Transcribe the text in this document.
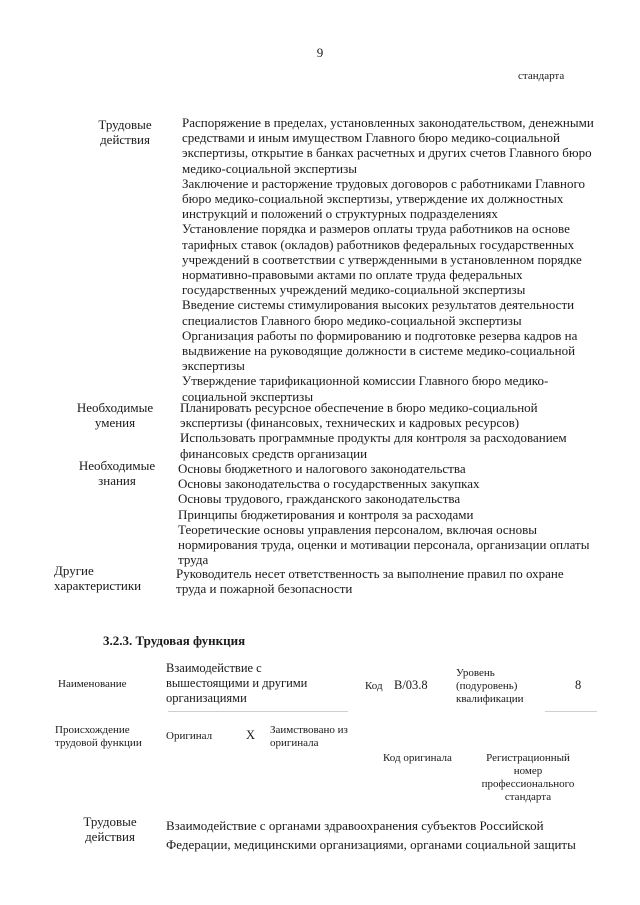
9
стандарта
Трудовые действия
Распоряжение в пределах, установленных законодательством, денежными средствами и иным имуществом Главного бюро медико-социальной экспертизы, открытие в банках расчетных и других счетов Главного бюро медико-социальной экспертизы
Заключение и расторжение трудовых договоров с работниками Главного бюро медико-социальной экспертизы, утверждение их должностных инструкций и положений о структурных подразделениях
Установление порядка и размеров оплаты труда работников на основе тарифных ставок (окладов) работников федеральных государственных учреждений в соответствии с утвержденными в установленном порядке нормативно-правовыми актами по оплате труда федеральных государственных учреждений медико-социальной экспертизы
Введение системы стимулирования высоких результатов деятельности специалистов Главного бюро медико-социальной экспертизы
Организация работы по формированию и подготовке резерва кадров на выдвижение на руководящие должности в системе медико-социальной экспертизы
Утверждение тарификационной комиссии Главного бюро медико-социальной экспертизы
Необходимые умения
Планировать ресурсное обеспечение в бюро медико-социальной экспертизы (финансовых, технических и кадровых ресурсов)
Использовать программные продукты для контроля за расходованием финансовых средств организации
Необходимые знания
Основы бюджетного и налогового законодательства
Основы законодательства о государственных закупках
Основы трудового, гражданского законодательства
Принципы бюджетирования и контроля за расходами
Теоретические основы управления персоналом, включая основы нормирования труда, оценки и мотивации персонала, организации оплаты труда
Другие характеристики
Руководитель несет ответственность за выполнение правил по охране труда и пожарной безопасности
3.2.3. Трудовая функция
Наименование
Взаимодействие с вышестоящими и другими организациями
Код B/03.8
Уровень (подуровень) квалификации
8
Происхождение трудовой функции
Оригинал	X Заимствовано из оригинала
Код оригинала	Регистрационный номер профессионального стандарта
Трудовые действия
Взаимодействие с органами здравоохранения субъектов Российской Федерации, медицинскими организациями, органами социальной защиты
